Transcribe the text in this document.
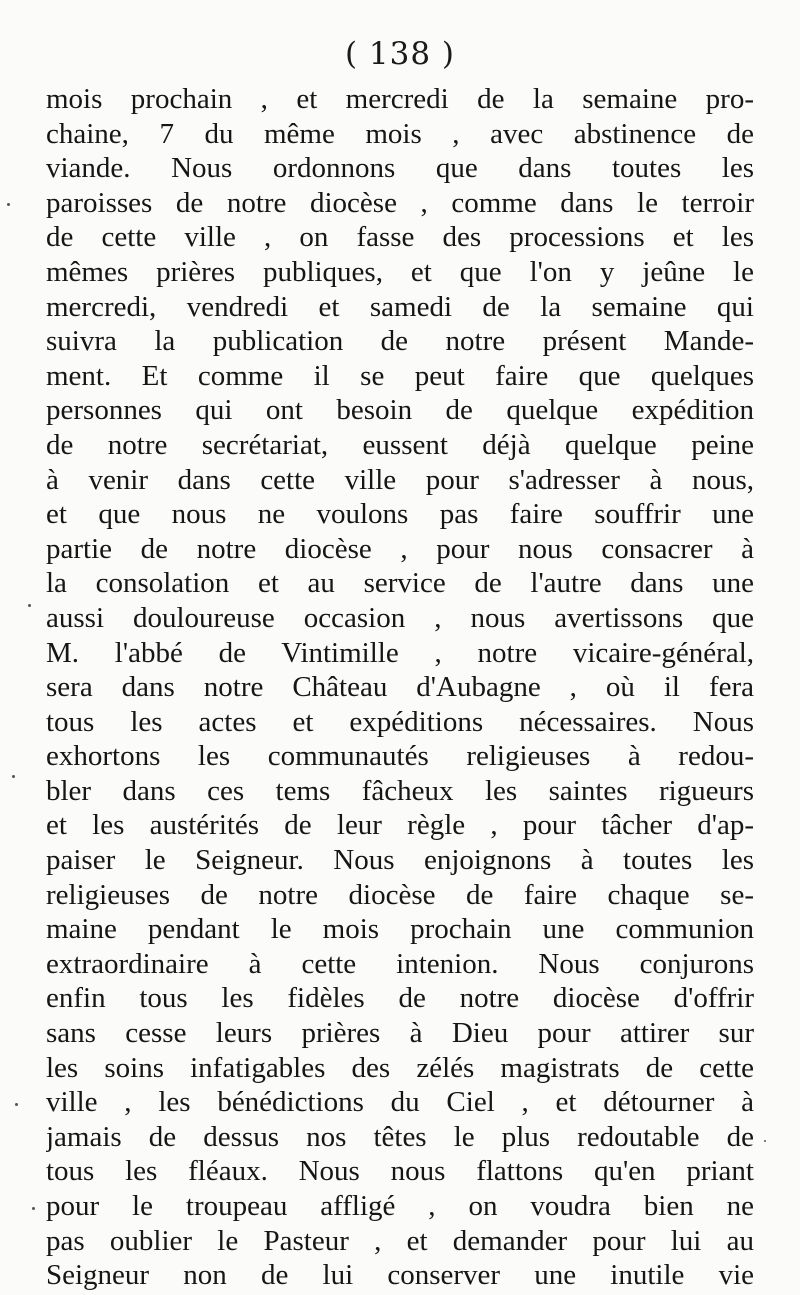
( 138 )
mois prochain , et mercredi de la semaine pro-
chaine, 7 du même mois , avec abstinence de
viande. Nous ordonnons que dans toutes les
paroisses de notre diocèse , comme dans le terroir
de cette ville , on fasse des processions et les
mêmes prières publiques, et que l'on y jeûne le
mercredi, vendredi et samedi de la semaine qui
suivra la publication de notre présent Mande-
ment. Et comme il se peut faire que quelques
personnes qui ont besoin de quelque expédition
de notre secrétariat, eussent déjà quelque peine
à venir dans cette ville pour s'adresser à nous,
et que nous ne voulons pas faire souffrir une
partie de notre diocèse , pour nous consacrer à
la consolation et au service de l'autre dans une
aussi douloureuse occasion , nous avertissons que
M. l'abbé de Vintimille , notre vicaire-général,
sera dans notre Château d'Aubagne , où il fera
tous les actes et expéditions nécessaires. Nous
exhortons les communautés religieuses à redou-
bler dans ces tems fâcheux les saintes rigueurs
et les austérités de leur règle , pour tâcher d'ap-
paiser le Seigneur. Nous enjoignons à toutes les
religieuses de notre diocèse de faire chaque se-
maine pendant le mois prochain une communion
extraordinaire à cette intenion. Nous conjurons
enfin tous les fidèles de notre diocèse d'offrir
sans cesse leurs prières à Dieu pour attirer sur
les soins infatigables des zélés magistrats de cette
ville , les bénédictions du Ciel , et détourner à
jamais de dessus nos têtes le plus redoutable de
tous les fléaux. Nous nous flattons qu'en priant
pour le troupeau affligé , on voudra bien ne
pas oublier le Pasteur , et demander pour lui au
Seigneur non de lui conserver une inutile vie
